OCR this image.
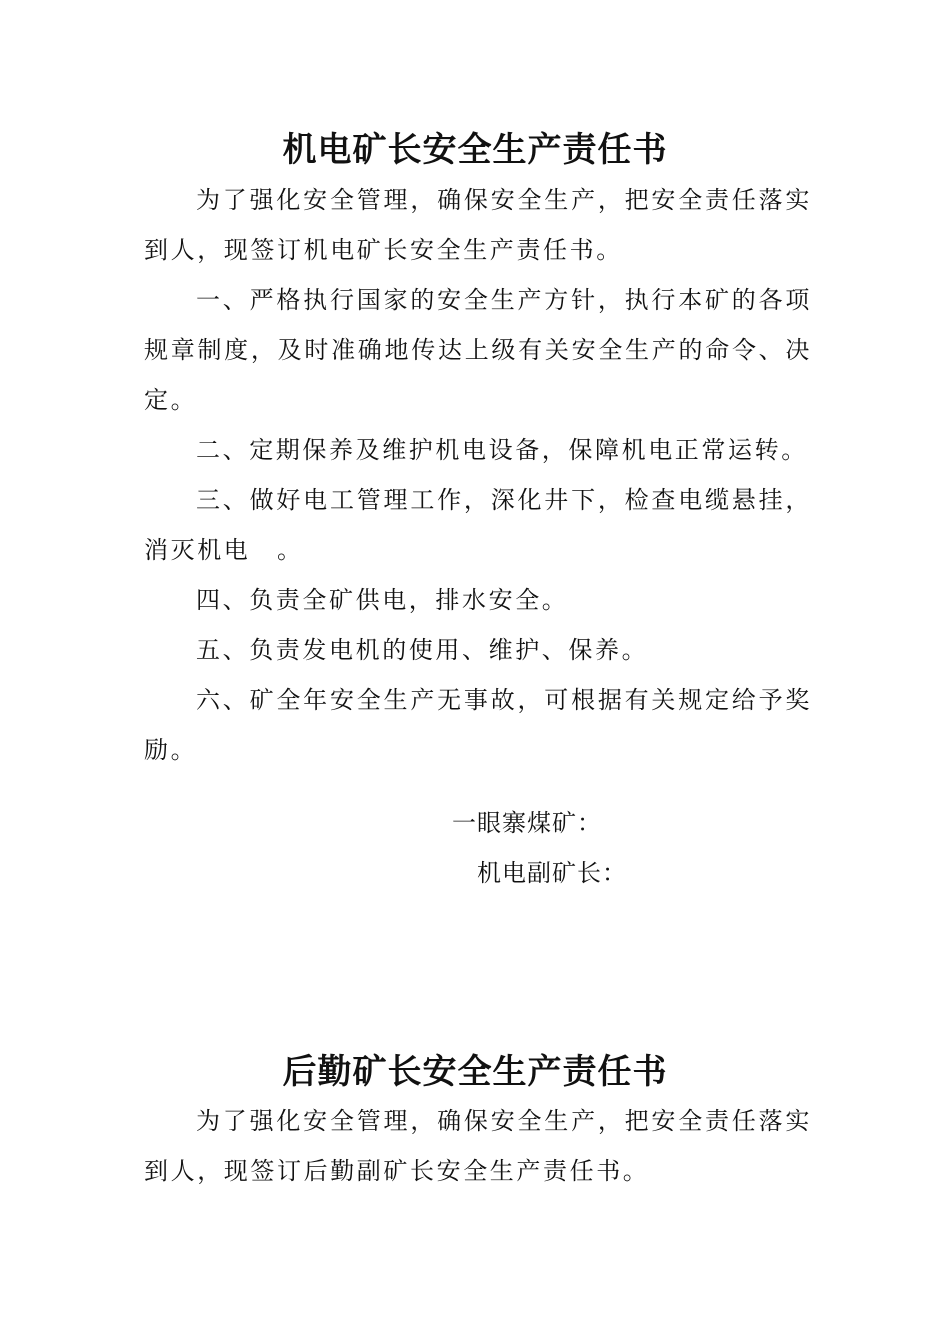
机电矿长安全生产责任书

为了强化安全管理，确保安全生产，把安全责任落实到人，现签订机电矿长安全生产责任书。

一、严格执行国家的安全生产方针，执行本矿的各项规章制度，及时准确地传达上级有关安全生产的命令、决定。

二、定期保养及维护机电设备，保障机电正常运转。

三、做好电工管理工作，深化井下，检查电缆悬挂，消灭机电　。

四、负责全矿供电，排水安全。

五、负责发电机的使用、维护、保养。

六、矿全年安全生产无事故，可根据有关规定给予奖励。

一眼寨煤矿：

机电副矿长：

后勤矿长安全生产责任书

为了强化安全管理，确保安全生产，把安全责任落实到人，现签订后勤副矿长安全生产责任书。
